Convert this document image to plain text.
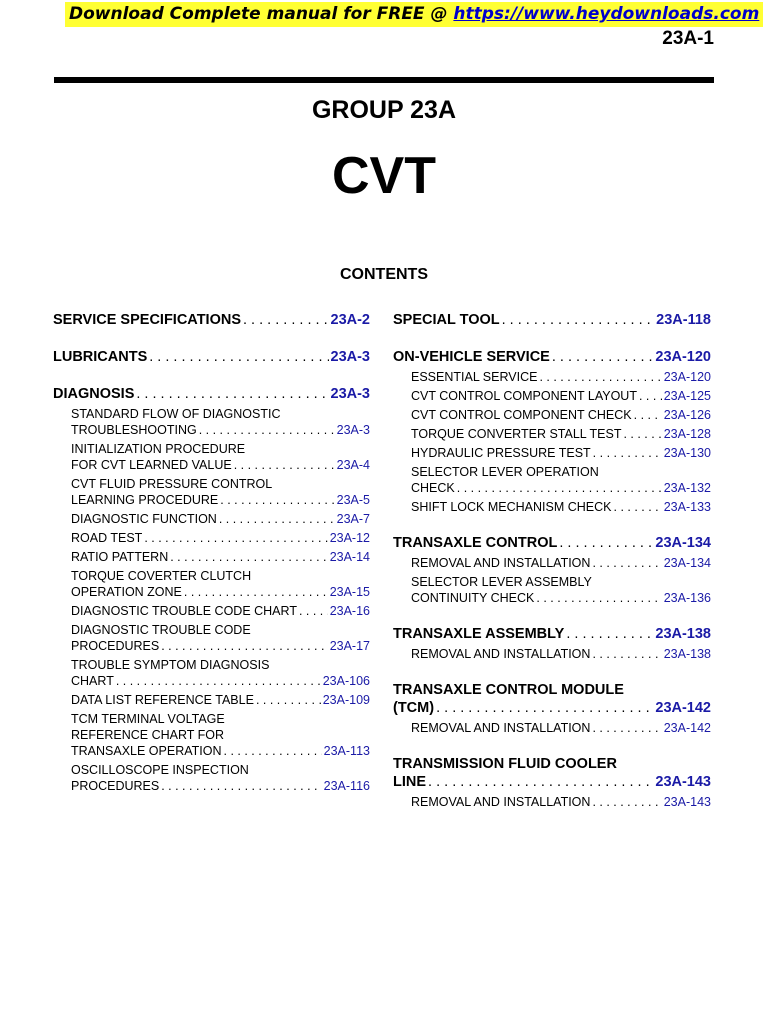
Download Complete manual for FREE @ https://www.heydownloads.com
23A-1
GROUP 23A
CVT
CONTENTS
SERVICE SPECIFICATIONS . . .	23A-2
LUBRICANTS . . .	23A-3
DIAGNOSIS . . .	23A-3
STANDARD FLOW OF DIAGNOSTIC
TROUBLESHOOTING . . .	23A-3
INITIALIZATION PROCEDURE
FOR CVT LEARNED VALUE . . .	23A-4
CVT FLUID PRESSURE CONTROL
LEARNING PROCEDURE . . .	23A-5
DIAGNOSTIC FUNCTION . . .	23A-7
ROAD TEST . . .	23A-12
RATIO PATTERN . . .	23A-14
TORQUE COVERTER CLUTCH
OPERATION ZONE . . .	23A-15
DIAGNOSTIC TROUBLE CODE CHART . . .	23A-16
DIAGNOSTIC TROUBLE CODE
PROCEDURES . . .	23A-17
TROUBLE SYMPTOM DIAGNOSIS
CHART . . .	23A-106
DATA LIST REFERENCE TABLE . . .	23A-109
TCM TERMINAL VOLTAGE
REFERENCE CHART FOR
TRANSAXLE OPERATION . . .	23A-113
OSCILLOSCOPE INSPECTION
PROCEDURES . . .	23A-116
SPECIAL TOOL . . .	23A-118
ON-VEHICLE SERVICE . . .	23A-120
ESSENTIAL SERVICE . . .	23A-120
CVT CONTROL COMPONENT LAYOUT . . . 23A-125
CVT CONTROL COMPONENT CHECK . . .	23A-126
TORQUE CONVERTER STALL TEST . . .	23A-128
HYDRAULIC PRESSURE TEST . . .	23A-130
SELECTOR LEVER OPERATION
CHECK . . .	23A-132
SHIFT LOCK MECHANISM CHECK . . .	23A-133
TRANSAXLE CONTROL . . .	23A-134
REMOVAL AND INSTALLATION . . .	23A-134
SELECTOR LEVER ASSEMBLY
CONTINUITY CHECK . . .	23A-136
TRANSAXLE ASSEMBLY . . .	23A-138
REMOVAL AND INSTALLATION . . .	23A-138
TRANSAXLE CONTROL MODULE
(TCM) . . .	23A-142
REMOVAL AND INSTALLATION . . .	23A-142
TRANSMISSION FLUID COOLER
LINE . . .	23A-143
REMOVAL AND INSTALLATION . . .	23A-143
